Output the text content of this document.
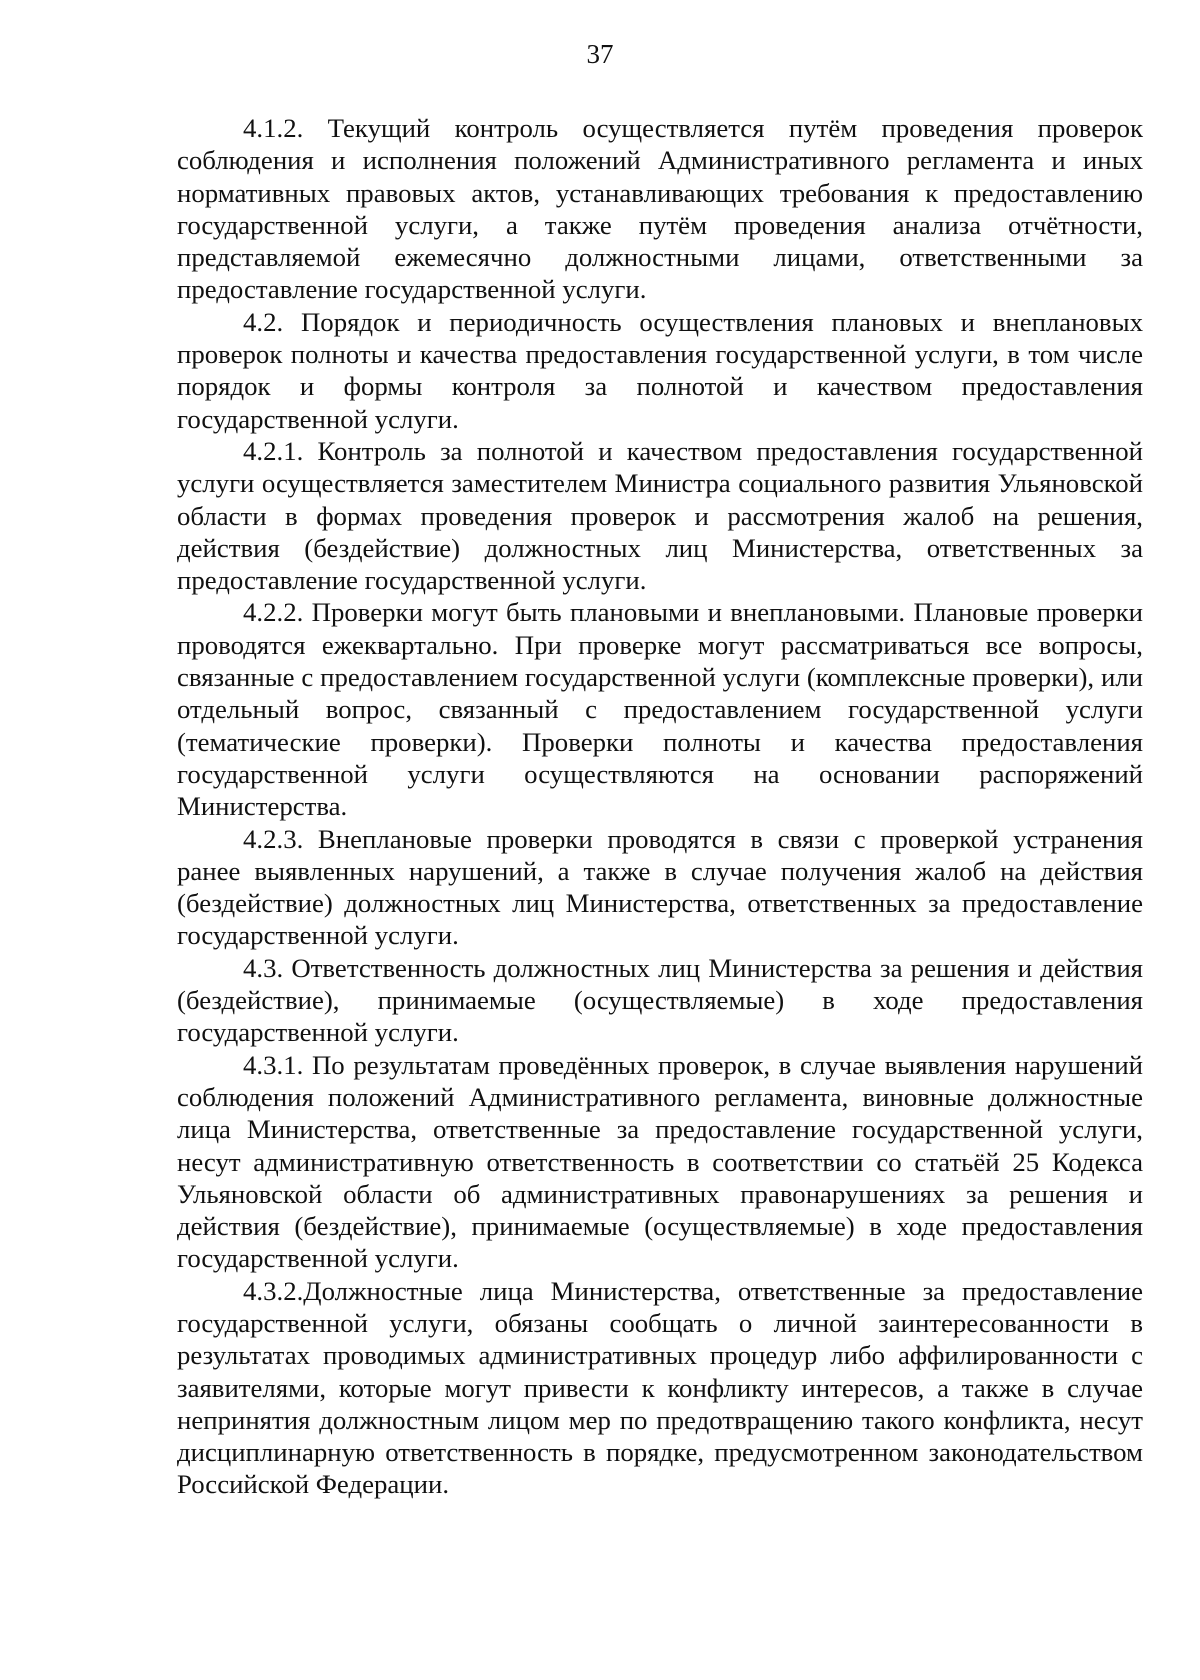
37

4.1.2. Текущий контроль осуществляется путём проведения проверок соблюдения и исполнения положений Административного регламента и иных нормативных правовых актов, устанавливающих требования к предоставлению государственной услуги, а также путём проведения анализа отчётности, представляемой ежемесячно должностными лицами, ответственными за предоставление государственной услуги.

4.2. Порядок и периодичность осуществления плановых и внеплановых проверок полноты и качества предоставления государственной услуги, в том числе порядок и формы контроля за полнотой и качеством предоставления государственной услуги.

4.2.1. Контроль за полнотой и качеством предоставления государственной услуги осуществляется заместителем Министра социального развития Ульяновской области в формах проведения проверок и рассмотрения жалоб на решения, действия (бездействие) должностных лиц Министерства, ответственных за предоставление государственной услуги.

4.2.2. Проверки могут быть плановыми и внеплановыми. Плановые проверки проводятся ежеквартально. При проверке могут рассматриваться все вопросы, связанные с предоставлением государственной услуги (комплексные проверки), или отдельный вопрос, связанный с предоставлением государственной услуги (тематические проверки). Проверки полноты и качества предоставления государственной услуги осуществляются на основании распоряжений Министерства.

4.2.3. Внеплановые проверки проводятся в связи с проверкой устранения ранее выявленных нарушений, а также в случае получения жалоб на действия (бездействие) должностных лиц Министерства, ответственных за предоставление государственной услуги.

4.3. Ответственность должностных лиц Министерства за решения и действия (бездействие), принимаемые (осуществляемые) в ходе предоставления государственной услуги.

4.3.1. По результатам проведённых проверок, в случае выявления нарушений соблюдения положений Административного регламента, виновные должностные лица Министерства, ответственные за предоставление государственной услуги, несут административную ответственность в соответствии со статьёй 25 Кодекса Ульяновской области об административных правонарушениях за решения и действия (бездействие), принимаемые (осуществляемые) в ходе предоставления государственной услуги.

4.3.2.Должностные лица Министерства, ответственные за предоставление государственной услуги, обязаны сообщать о личной заинтересованности в результатах проводимых административных процедур либо аффилированности с заявителями, которые могут привести к конфликту интересов, а также в случае непринятия должностным лицом мер по предотвращению такого конфликта, несут дисциплинарную ответственность в порядке, предусмотренном законодательством Российской Федерации.
